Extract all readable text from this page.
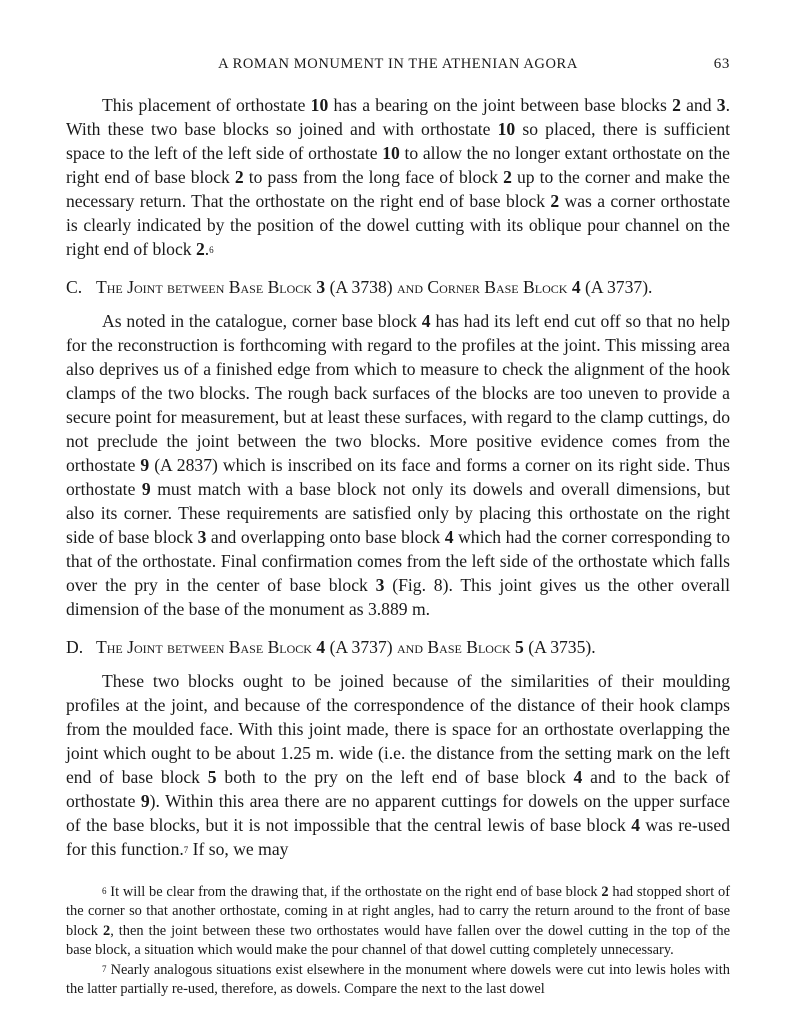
A ROMAN MONUMENT IN THE ATHENIAN AGORA	63

This placement of orthostate 10 has a bearing on the joint between base blocks 2 and 3. With these two base blocks so joined and with orthostate 10 so placed, there is sufficient space to the left of the left side of orthostate 10 to allow the no longer extant orthostate on the right end of base block 2 to pass from the long face of block 2 up to the corner and make the necessary return. That the orthostate on the right end of base block 2 was a corner orthostate is clearly indicated by the position of the dowel cutting with its oblique pour channel on the right end of block 2.$^6$

C. The Joint between Base Block 3 (A 3738) and Corner Base Block 4 (A 3737).

As noted in the catalogue, corner base block 4 has had its left end cut off so that no help for the reconstruction is forthcoming with regard to the profiles at the joint. This missing area also deprives us of a finished edge from which to measure to check the alignment of the hook clamps of the two blocks. The rough back surfaces of the blocks are too uneven to provide a secure point for measurement, but at least these surfaces, with regard to the clamp cuttings, do not preclude the joint between the two blocks. More positive evidence comes from the orthostate 9 (A 2837) which is inscribed on its face and forms a corner on its right side. Thus orthostate 9 must match with a base block not only its dowels and overall dimensions, but also its corner. These requirements are satisfied only by placing this orthostate on the right side of base block 3 and overlapping onto base block 4 which had the corner corresponding to that of the orthostate. Final confirmation comes from the left side of the orthostate which falls over the pry in the center of base block 3 (Fig. 8). This joint gives us the other overall dimension of the base of the monument as 3.889 m.

D. The Joint between Base Block 4 (A 3737) and Base Block 5 (A 3735).

These two blocks ought to be joined because of the similarities of their moulding profiles at the joint, and because of the correspondence of the distance of their hook clamps from the moulded face. With this joint made, there is space for an orthostate overlapping the joint which ought to be about 1.25 m. wide (i.e. the distance from the setting mark on the left end of base block 5 both to the pry on the left end of base block 4 and to the back of orthostate 9). Within this area there are no apparent cuttings for dowels on the upper surface of the base blocks, but it is not impossible that the central lewis of base block 4 was re-used for this function.$^7$ If so, we may

$^6$ It will be clear from the drawing that, if the orthostate on the right end of base block 2 had stopped short of the corner so that another orthostate, coming in at right angles, had to carry the return around to the front of base block 2, then the joint between these two orthostates would have fallen over the dowel cutting in the top of the base block, a situation which would make the pour channel of that dowel cutting completely unnecessary.

$^7$ Nearly analogous situations exist elsewhere in the monument where dowels were cut into lewis holes with the latter partially re-used, therefore, as dowels. Compare the next to the last dowel
